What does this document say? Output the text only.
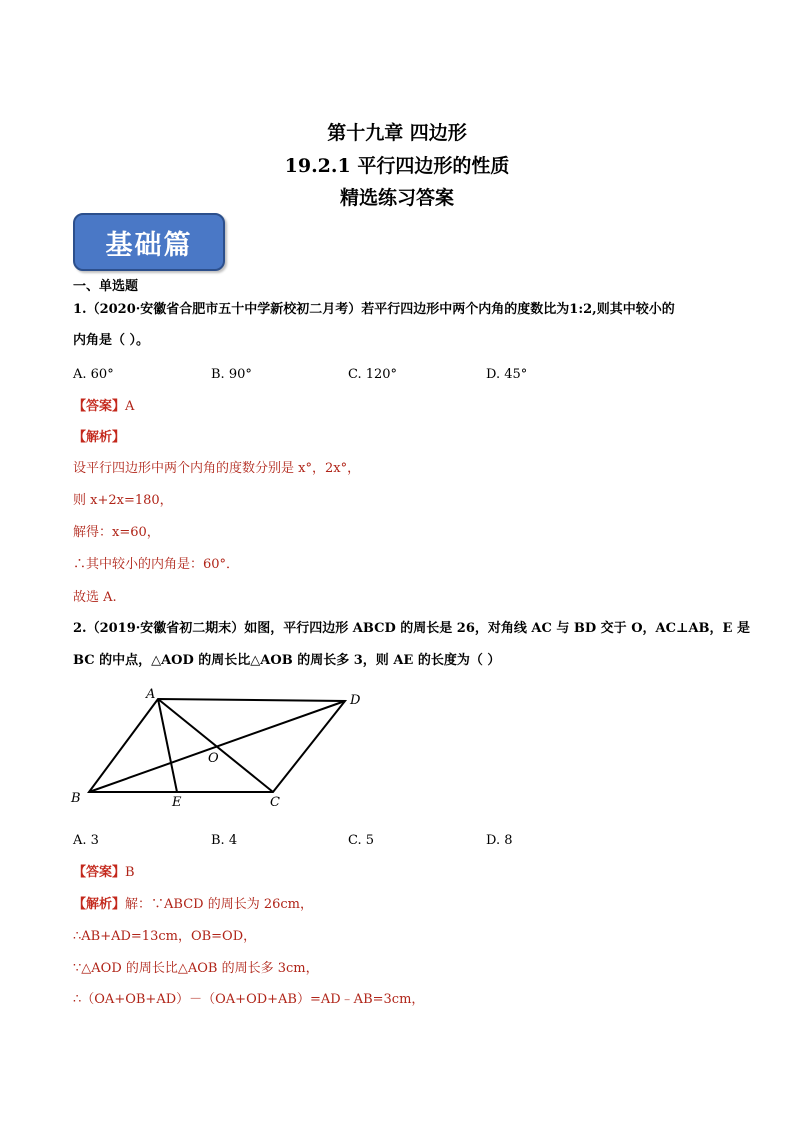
第十九章 四边形
19.2.1 平行四边形的性质
精选练习答案
基础篇
一、单选题
1.（2020·安徽省合肥市五十中学新校初二月考）若平行四边形中两个内角的度数比为1:2,则其中较小的
内角是（ ）。
A. 60°	B. 90°	C. 120°	D. 45°
【答案】A
【解析】
设平行四边形中两个内角的度数分别是 x°，2x°，
则 x+2x=180，
解得：x=60，
∴其中较小的内角是：60°．
故选 A.
2.（2019·安徽省初二期末）如图，平行四边形 ABCD 的周长是 26，对角线 AC 与 BD 交于 O，AC⊥AB，E 是
BC 的中点，△AOD 的周长比△AOB 的周长多 3，则 AE 的长度为（ ）
A	D
B	C
E
O
A. 3	B. 4	C. 5	D. 8
【答案】B
【解析】解：∵ABCD 的周长为 26cm，
∴AB+AD=13cm，OB=OD，
∵△AOD 的周长比△AOB 的周长多 3cm，
∴（OA+OB+AD）－（OA+OD+AB）=AD﹣AB=3cm，
